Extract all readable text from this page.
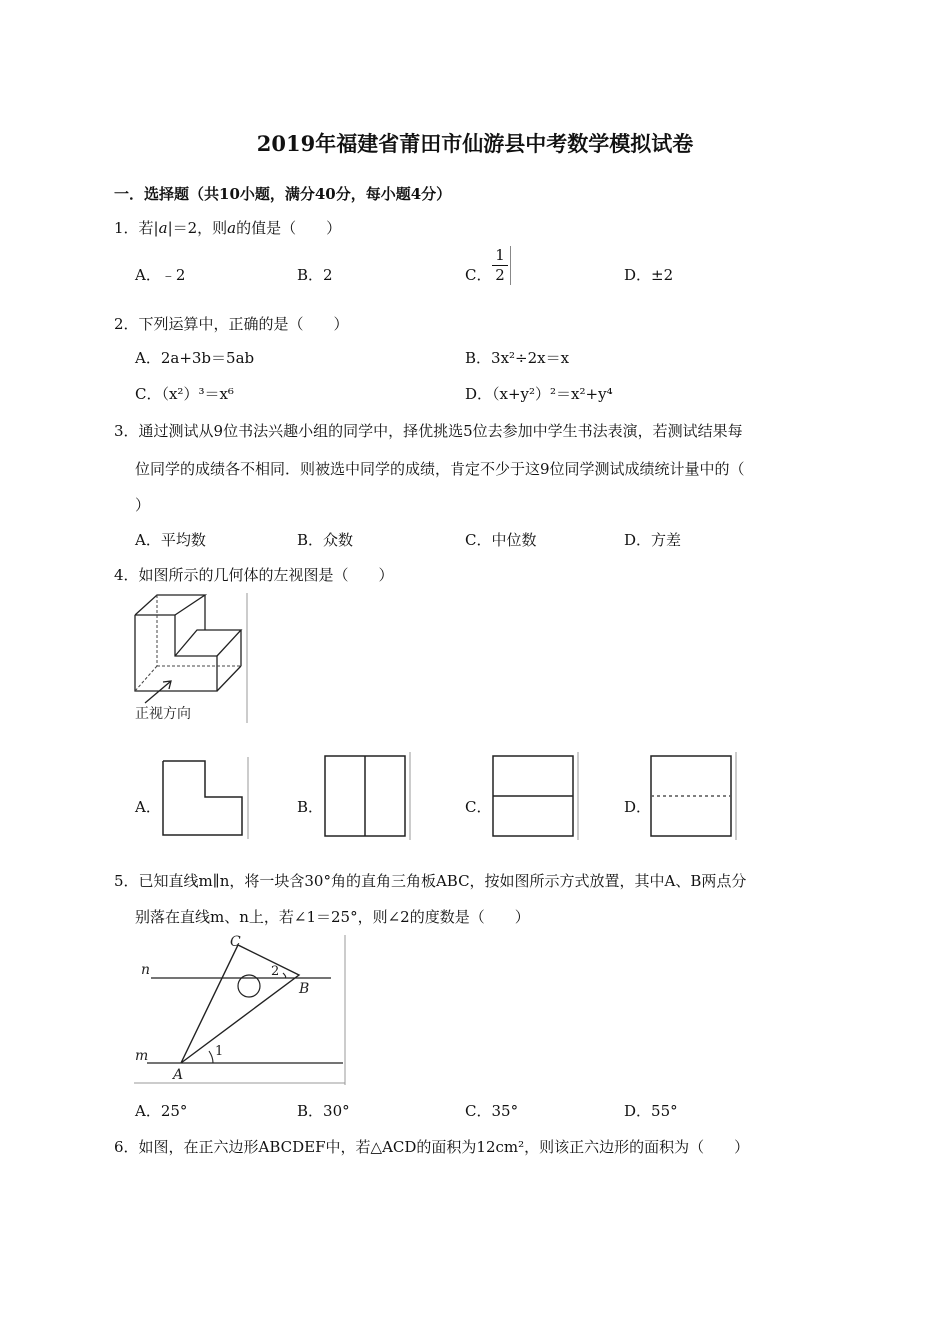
2019年福建省莆田市仙游县中考数学模拟试卷
一．选择题（共10小题，满分40分，每小题4分）
1．若|a|＝2，则a的值是（　　）
A．﹣2	B．2	C． $\frac{1}{2}$	D．±2
2．下列运算中，正确的是（　　）
A．2a+3b＝5ab	B．3x²÷2x＝x
C．（x²）³＝x⁶	D．（x+y²）²＝x²+y⁴
3．通过测试从9位书法兴趣小组的同学中，择优挑选5位去参加中学生书法表演，若测试结果每
位同学的成绩各不相同．则被选中同学的成绩，肯定不少于这9位同学测试成绩统计量中的（
）
A．平均数	B．众数	C．中位数	D．方差
4．如图所示的几何体的左视图是（　　）
正视方向
A．	B．	C．	D．
5．已知直线m∥n，将一块含30°角的直角三角板ABC，按如图所示方式放置，其中A、B两点分
别落在直线m、n上，若∠1＝25°，则∠2的度数是（　　）
C
n	2
B
m	1
A
A．25°	B．30°	C．35°	D．55°
6．如图，在正六边形ABCDEF中，若△ACD的面积为12cm²，则该正六边形的面积为（　　）
